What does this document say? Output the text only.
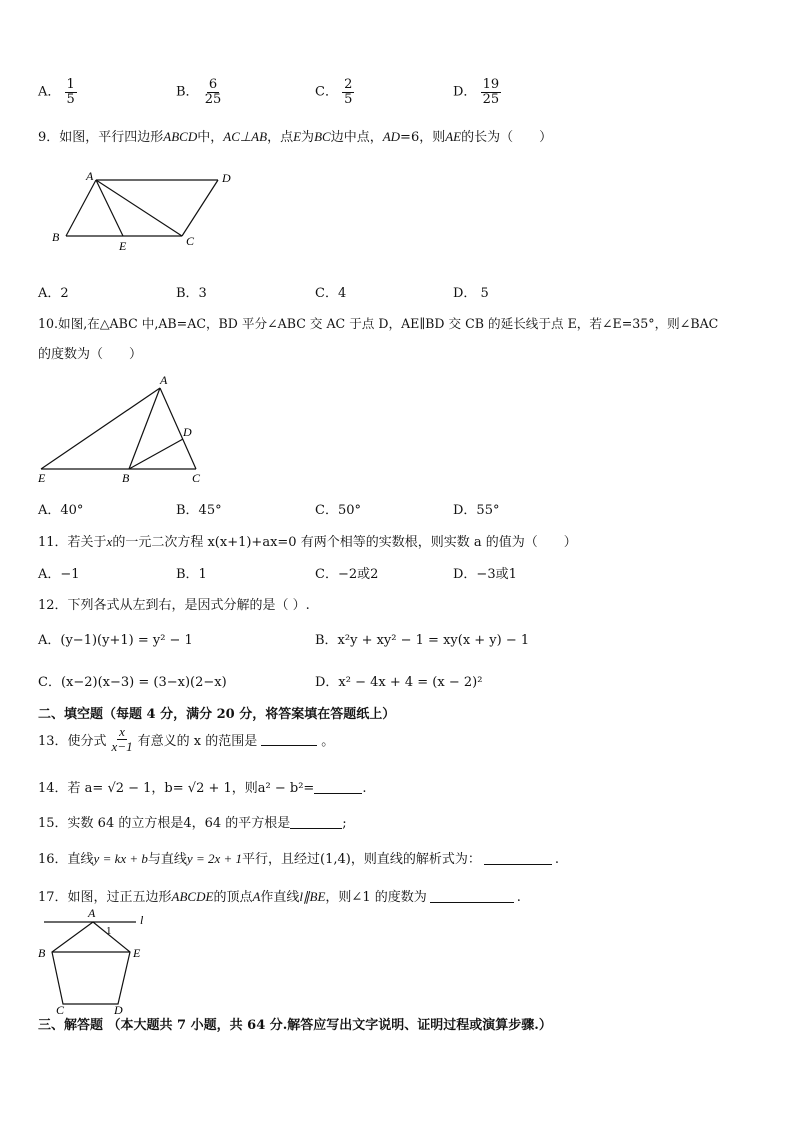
A． $\frac{1}{5}$	B． $\frac{6}{25}$	C． $\frac{2}{5}$	D． $\frac{19}{25}$
9．如图，平行四边形ABCD中，AC⊥AB，点E为BC边中点，AD=6，则AE的长为（　　）
A	D
B	C
E
A．2	B．3	C．4	D． 5
10.如图,在△ABC 中,AB=AC，BD 平分∠ABC 交 AC 于点 D，AE∥BD 交 CB 的延长线于点 E，若∠E=35°，则∠BAC
的度数为（　　）
A
D
E	B	C
A．40°	B．45°	C．50°	D．55°
11．若关于x的一元二次方程 x(x+1)+ax=0 有两个相等的实数根，则实数 a 的值为（　　）
A．−1	B．1	C．−2或2	D．−3或1
12．下列各式从左到右，是因式分解的是（ ）.
A．(y−1)(y+1) = y² − 1	B．x²y + xy² − 1 = xy(x + y) − 1
C．(x−2)(x−3) = (3−x)(2−x)	D．x² − 4x + 4 = (x − 2)²
二、填空题（每题 4 分，满分 20 分，将答案填在答题纸上）
13．使分式 $\frac{x}{x-1}$ 有意义的 x 的范围是	。
14．若 a= √2 − 1，b= √2 + 1，则a² − b²=	.
15．实数 64 的立方根是4，64 的平方根是	;
16．直线y = kx + b与直线y = 2x + 1平行，且经过(1,4)，则直线的解析式为：	.
17．如图，过正五边形ABCDE的顶点A作直线l∥BE，则∠1 的度数为	.
A	l
1
B	E
C	D
三、解答题 （本大题共 7 小题，共 64 分.解答应写出文字说明、证明过程或演算步骤.）
